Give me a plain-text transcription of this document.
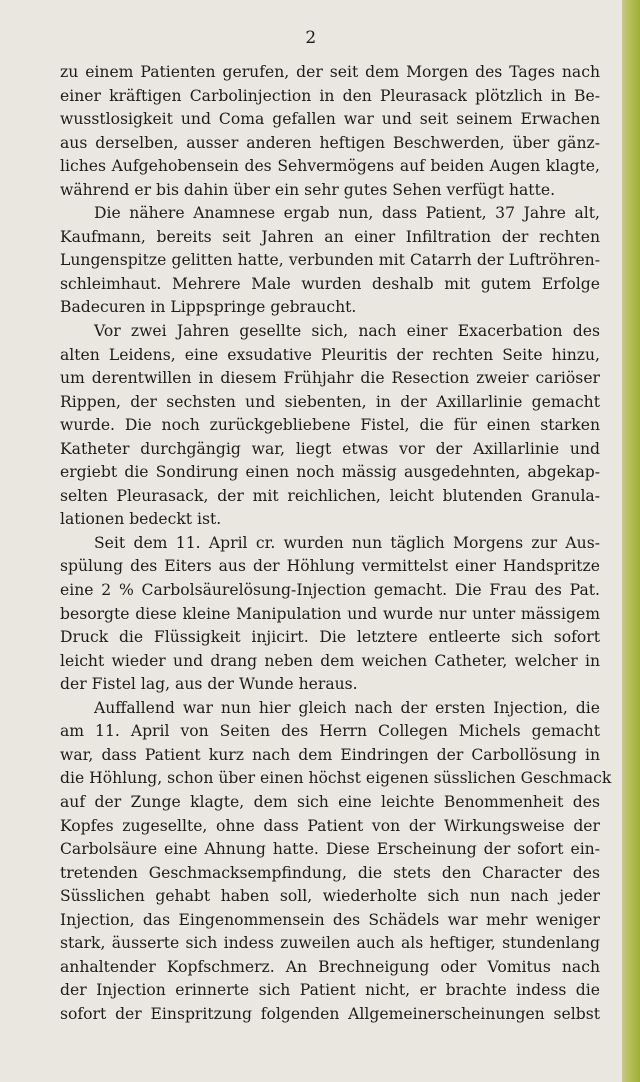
2
zu einem Patienten gerufen, der seit dem Morgen des Tages nach
einer kräftigen Carbolinjection in den Pleurasack plötzlich in Be-
wusstlosigkeit und Coma gefallen war und seit seinem Erwachen
aus derselben, ausser anderen heftigen Beschwerden, über gänz-
liches Aufgehobensein des Sehvermögens auf beiden Augen klagte,
während er bis dahin über ein sehr gutes Sehen verfügt hatte.
Die nähere Anamnese ergab nun, dass Patient, 37 Jahre alt,
Kaufmann, bereits seit Jahren an einer Infiltration der rechten
Lungenspitze gelitten hatte, verbunden mit Catarrh der Luftröhren-
schleimhaut. Mehrere Male wurden deshalb mit gutem Erfolge
Badecuren in Lippspringe gebraucht.
Vor zwei Jahren gesellte sich, nach einer Exacerbation des
alten Leidens, eine exsudative Pleuritis der rechten Seite hinzu,
um derentwillen in diesem Frühjahr die Resection zweier cariöser
Rippen, der sechsten und siebenten, in der Axillarlinie gemacht
wurde. Die noch zurückgebliebene Fistel, die für einen starken
Katheter durchgängig war, liegt etwas vor der Axillarlinie und
ergiebt die Sondirung einen noch mässig ausgedehnten, abgekap-
selten Pleurasack, der mit reichlichen, leicht blutenden Granula-
lationen bedeckt ist.
Seit dem 11. April cr. wurden nun täglich Morgens zur Aus-
spülung des Eiters aus der Höhlung vermittelst einer Handspritze
eine 2 % Carbolsäurelösung-Injection gemacht. Die Frau des Pat.
besorgte diese kleine Manipulation und wurde nur unter mässigem
Druck die Flüssigkeit injicirt. Die letztere entleerte sich sofort
leicht wieder und drang neben dem weichen Catheter, welcher in
der Fistel lag, aus der Wunde heraus.
Auffallend war nun hier gleich nach der ersten Injection, die
am 11. April von Seiten des Herrn Collegen Michels gemacht
war, dass Patient kurz nach dem Eindringen der Carbollösung in
die Höhlung, schon über einen höchst eigenen süsslichen Geschmack
auf der Zunge klagte, dem sich eine leichte Benommenheit des
Kopfes zugesellte, ohne dass Patient von der Wirkungsweise der
Carbolsäure eine Ahnung hatte. Diese Erscheinung der sofort ein-
tretenden Geschmacksempfindung, die stets den Character des
Süsslichen gehabt haben soll, wiederholte sich nun nach jeder
Injection, das Eingenommensein des Schädels war mehr weniger
stark, äusserte sich indess zuweilen auch als heftiger, stundenlang
anhaltender Kopfschmerz. An Brechneigung oder Vomitus nach
der Injection erinnerte sich Patient nicht, er brachte indess die
sofort der Einspritzung folgenden Allgemeinerscheinungen selbst
